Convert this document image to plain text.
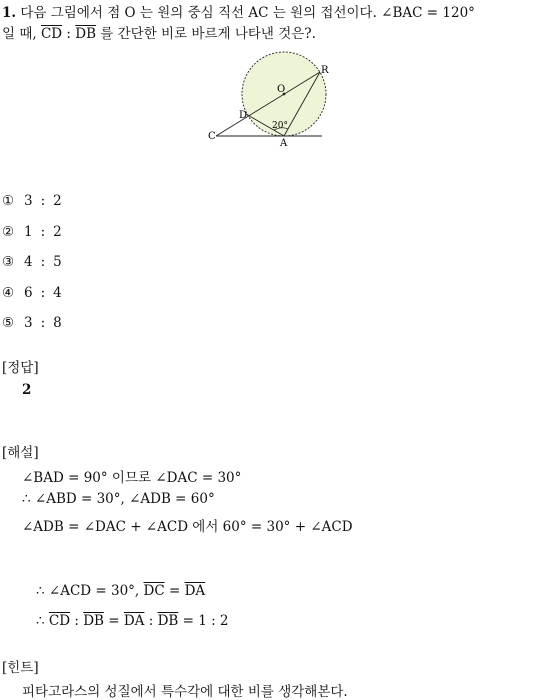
1. 다음 그림에서 점 O 는 원의 중심 직선 AC 는 원의 접선이다. ∠BAC = 120°
일 때, $\overline{CD}$ : $\overline{DB}$ 를 간단한 비로 바르게 나타낸 것은?.
O
R
D
C
A
20°
① 3 : 2
② 1 : 2
③ 4 : 5
④ 6 : 4
⑤ 3 : 8
[정답]
2
[해설]
∠BAD = 90° 이므로 ∠DAC = 30°
∴ ∠ABD = 30°, ∠ADB = 60°
∠ADB = ∠DAC + ∠ACD 에서 60° = 30° + ∠ACD
∴ ∠ACD = 30°, $\overline{DC} = \overline{DA}$
∴ $\overline{CD}$ : $\overline{DB} = \overline{DA}$ : $\overline{DB} = 1$ : 2
[힌트]
피타고라스의 성질에서 특수각에 대한 비를 생각해본다.
